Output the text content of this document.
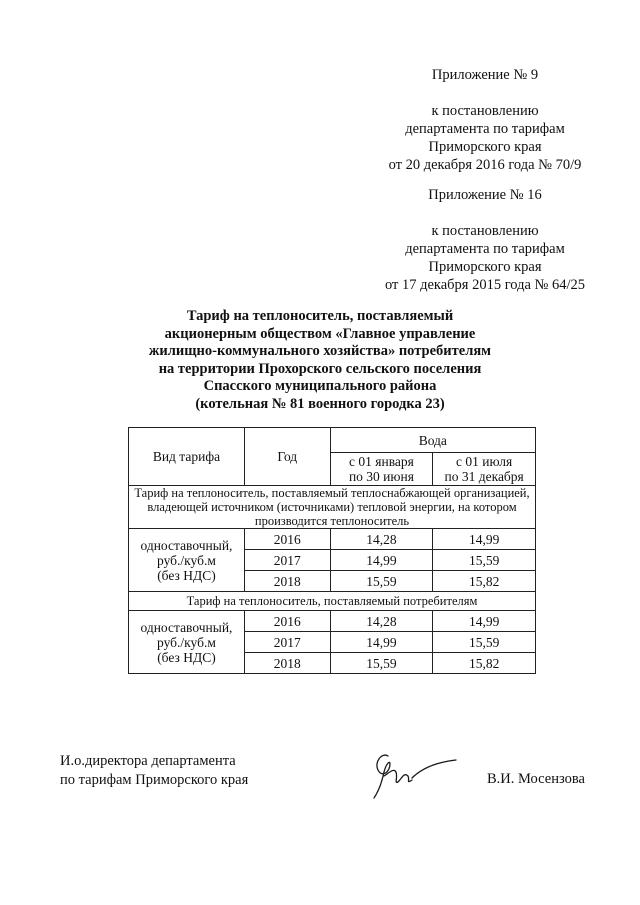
Приложение № 9
к постановлению
департамента по тарифам
Приморского края
от 20 декабря 2016 года № 70/9
Приложение № 16
к постановлению
департамента по тарифам
Приморского края
от 17 декабря 2015 года № 64/25
Тариф на теплоноситель, поставляемый
акционерным обществом «Главное управление
жилищно-коммунального хозяйства» потребителям
на территории Прохорского сельского поселения
Спасского муниципального района
(котельная № 81 военного городка 23)
Вид тарифа	Год	Вода	
		с 01 января
по 30 июня	с 01 июля
по 31 декабря
Тариф на теплоноситель, поставляемый теплоснабжающей организацией, владеющей источником (источниками) тепловой энергии, на котором производится теплоноситель			
одноставочный,
руб./куб.м
(без НДС)	2016	14,28	14,99
	2017	14,99	15,59
	2018	15,59	15,82
Тариф на теплоноситель, поставляемый потребителям			
одноставочный,
руб./куб.м
(без НДС)	2016	14,28	14,99
	2017	14,99	15,59
	2018	15,59	15,82
И.о.директора департамента
по тарифам Приморского края	В.И. Мосензова
